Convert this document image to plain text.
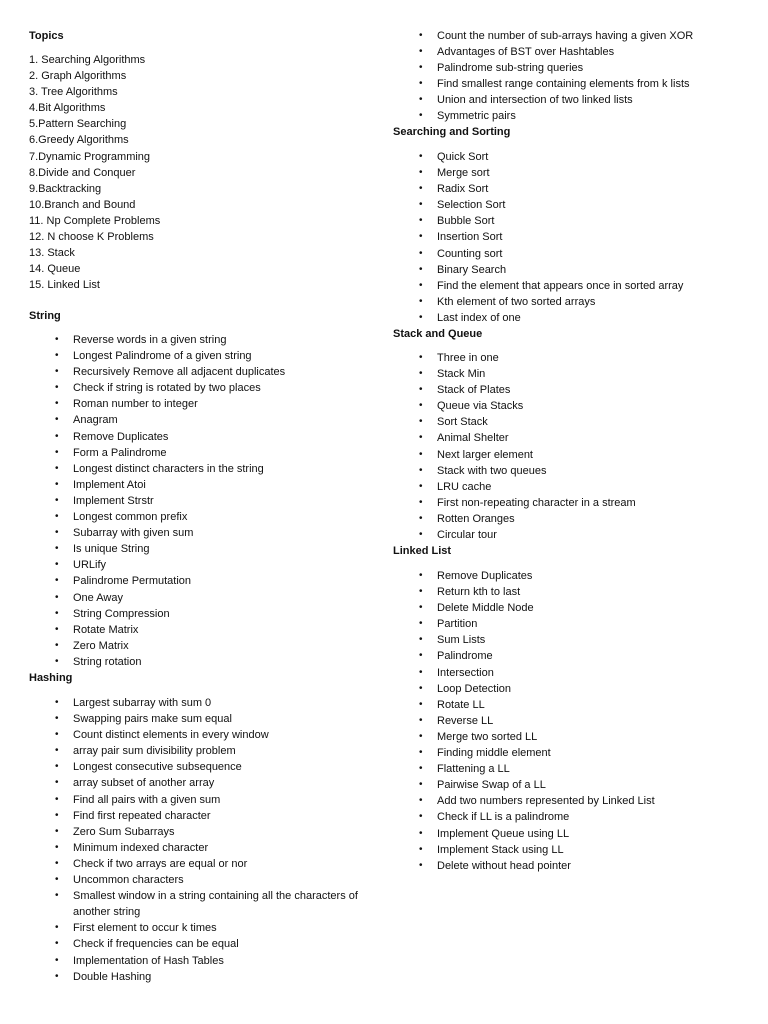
Topics
1. Searching Algorithms
2. Graph Algorithms
3. Tree Algorithms
4.Bit Algorithms
5.Pattern Searching
6.Greedy Algorithms
7.Dynamic Programming
8.Divide and Conquer
9.Backtracking
10.Branch and Bound
11. Np Complete Problems
12. N choose K Problems
13. Stack
14. Queue
15. Linked List
String
• Reverse words in a given string
• Longest Palindrome of a given string
• Recursively Remove all adjacent duplicates
• Check if string is rotated by two places
• Roman number to integer
• Anagram
• Remove Duplicates
• Form a Palindrome
• Longest distinct characters in the string
• Implement Atoi
• Implement Strstr
• Longest common prefix
• Subarray with given sum
• Is unique String
• URLify
• Palindrome Permutation
• One Away
• String Compression
• Rotate Matrix
• Zero Matrix
• String rotation
Hashing
• Largest subarray with sum 0
• Swapping pairs make sum equal
• Count distinct elements in every window
• array pair sum divisibility problem
• Longest consecutive subsequence
• array subset of another array
• Find all pairs with a given sum
• Find first repeated character
• Zero Sum Subarrays
• Minimum indexed character
• Check if two arrays are equal or nor
• Uncommon characters
• Smallest window in a string containing all the characters of another string
• First element to occur k times
• Check if frequencies can be equal
• Implementation of Hash Tables
• Double Hashing
• Count the number of sub-arrays having a given XOR
• Advantages of BST over Hashtables
• Palindrome sub-string queries
• Find smallest range containing elements from k lists
• Union and intersection of two linked lists
• Symmetric pairs
Searching and Sorting
• Quick Sort
• Merge sort
• Radix Sort
• Selection Sort
• Bubble Sort
• Insertion Sort
• Counting sort
• Binary Search
• Find the element that appears once in sorted array
• Kth element of two sorted arrays
• Last index of one
Stack and Queue
• Three in one
• Stack Min
• Stack of Plates
• Queue via Stacks
• Sort Stack
• Animal Shelter
• Next larger element
• Stack with two queues
• LRU cache
• First non-repeating character in a stream
• Rotten Oranges
• Circular tour
Linked List
• Remove Duplicates
• Return kth to last
• Delete Middle Node
• Partition
• Sum Lists
• Palindrome
• Intersection
• Loop Detection
• Rotate LL
• Reverse LL
• Merge two sorted LL
• Finding middle element
• Flattening a LL
• Pairwise Swap of a LL
• Add two numbers represented by Linked List
• Check if LL is a palindrome
• Implement Queue using LL
• Implement Stack using LL
• Delete without head pointer
